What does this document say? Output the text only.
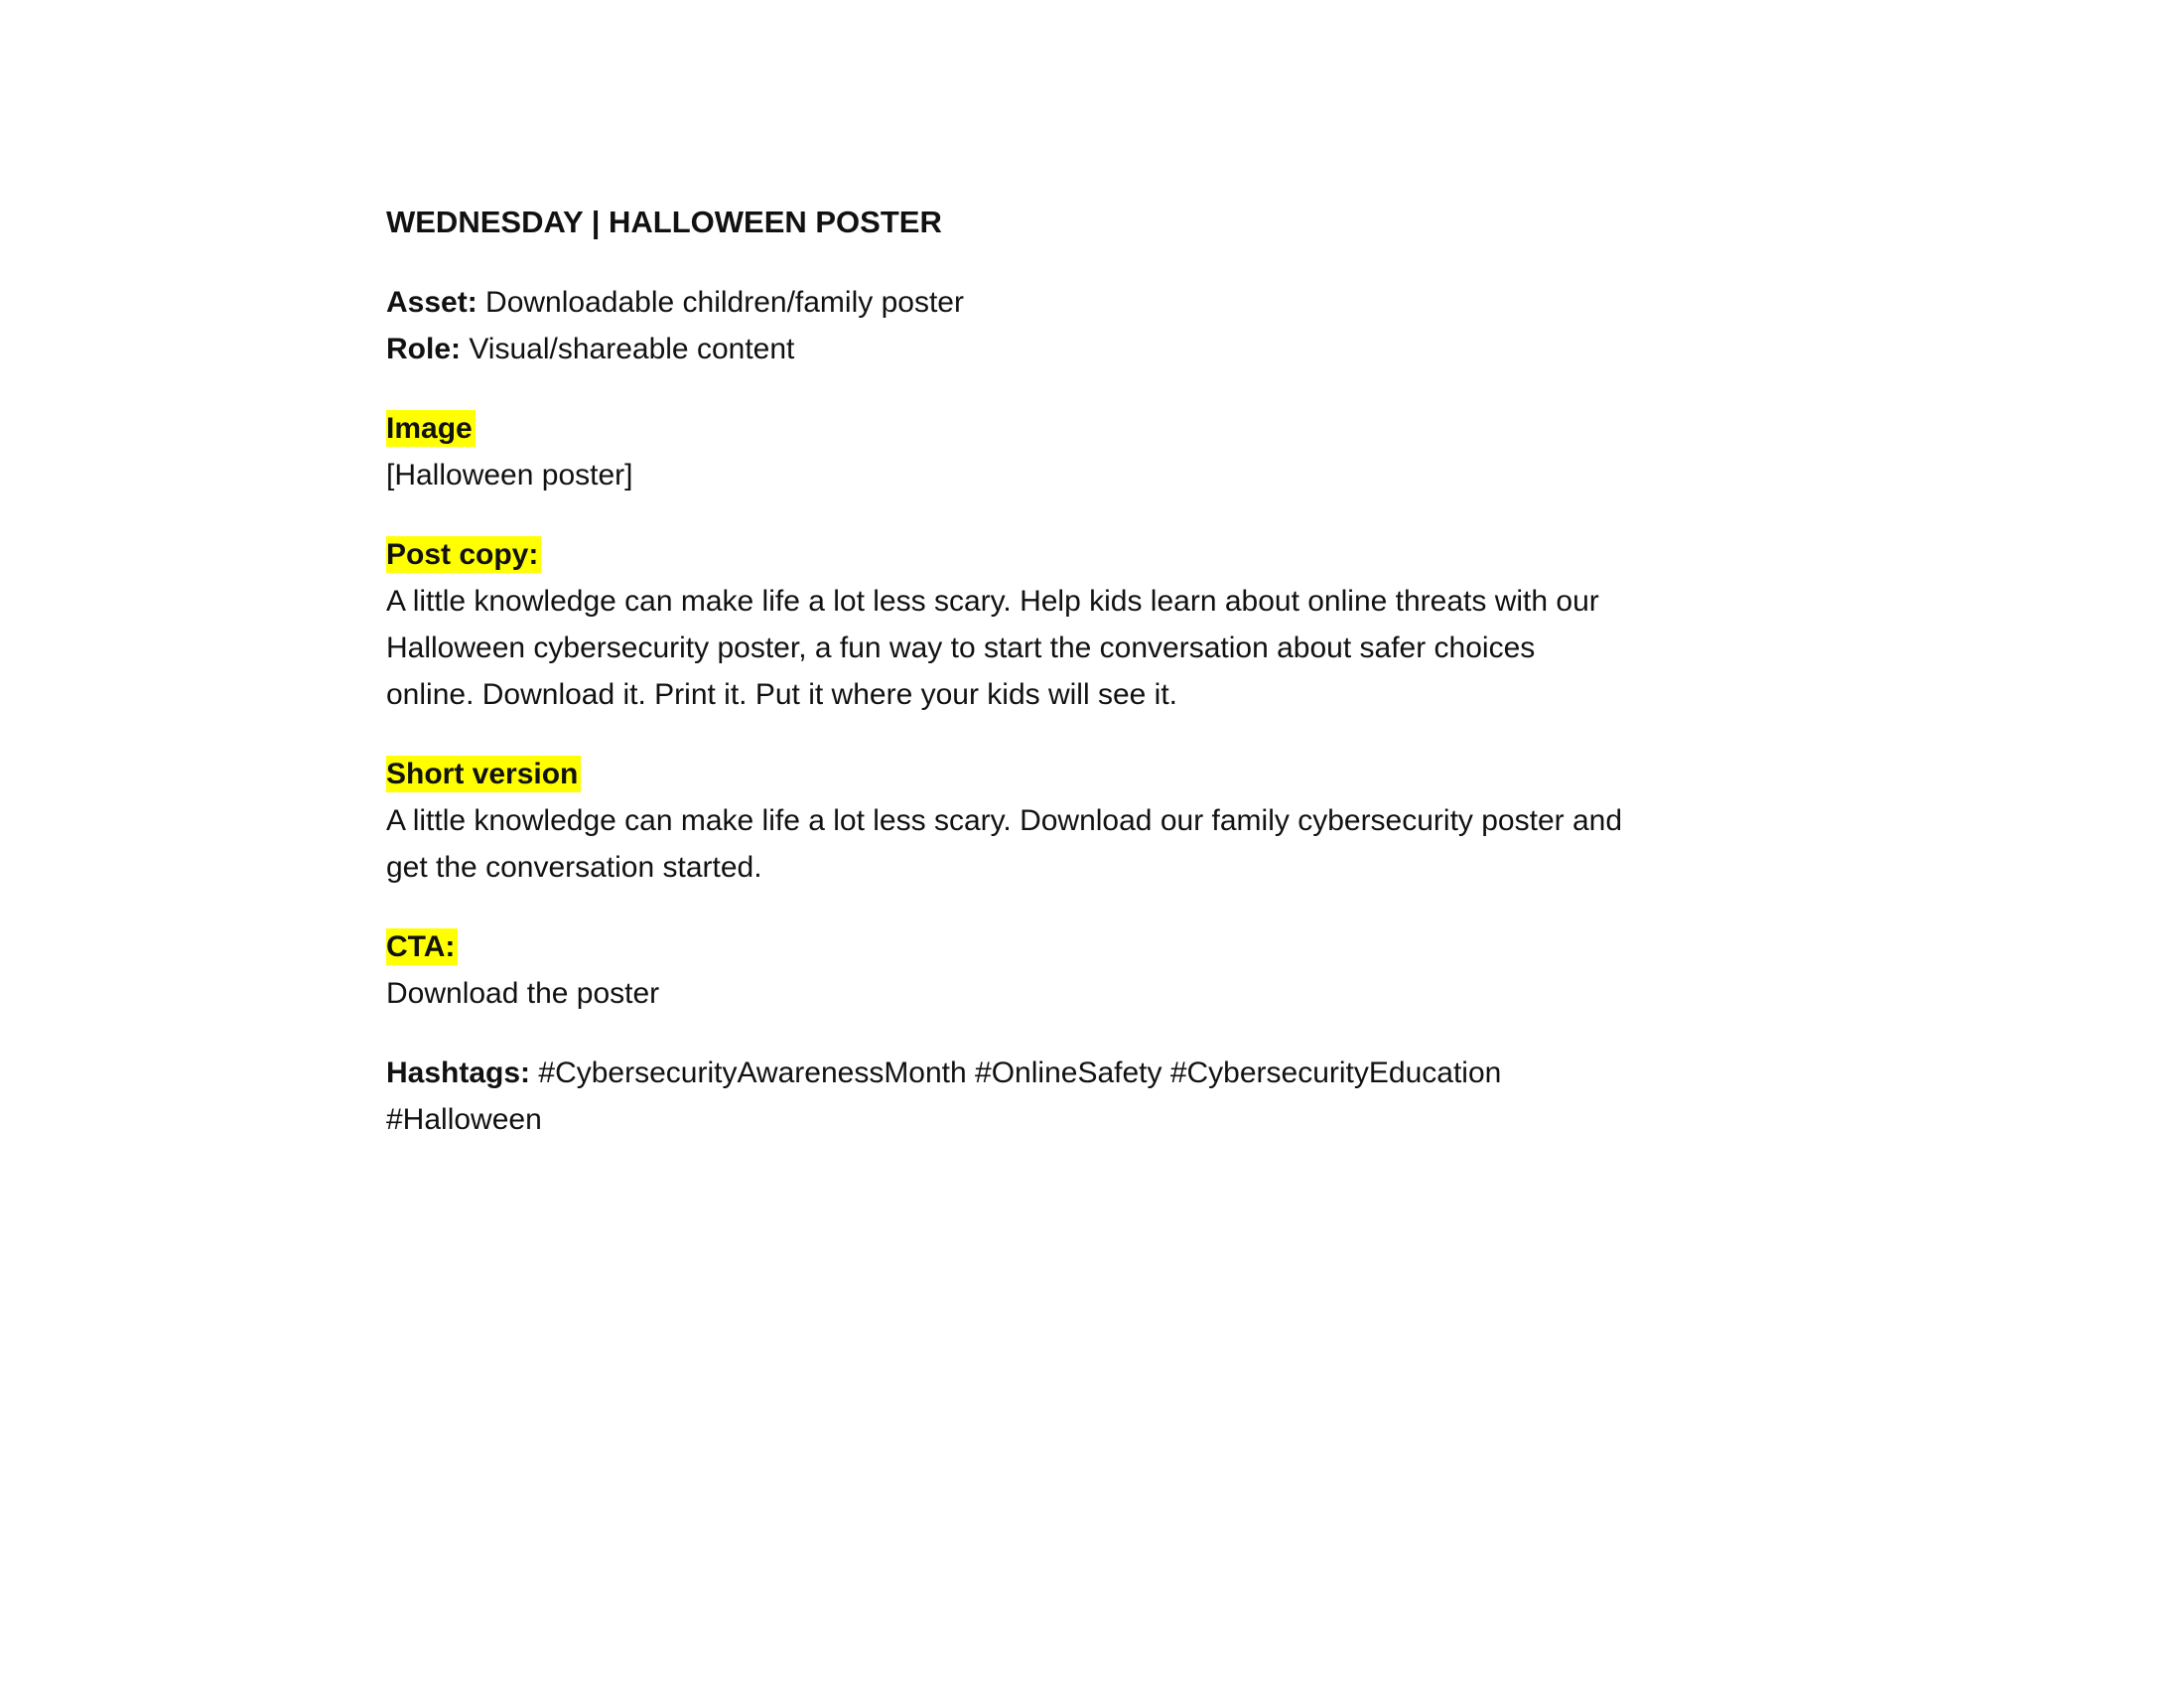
WEDNESDAY | HALLOWEEN POSTER

Asset: Downloadable children/family poster

Role: Visual/shareable content

Image

[Halloween poster]

Post copy:

A little knowledge can make life a lot less scary. Help kids learn about online threats with our Halloween cybersecurity poster, a fun way to start the conversation about safer choices online. Download it. Print it. Put it where your kids will see it.

Short version

A little knowledge can make life a lot less scary. Download our family cybersecurity poster and get the conversation started.

CTA:

Download the poster

Hashtags: #CybersecurityAwarenessMonth #OnlineSafety #CybersecurityEducation #Halloween
